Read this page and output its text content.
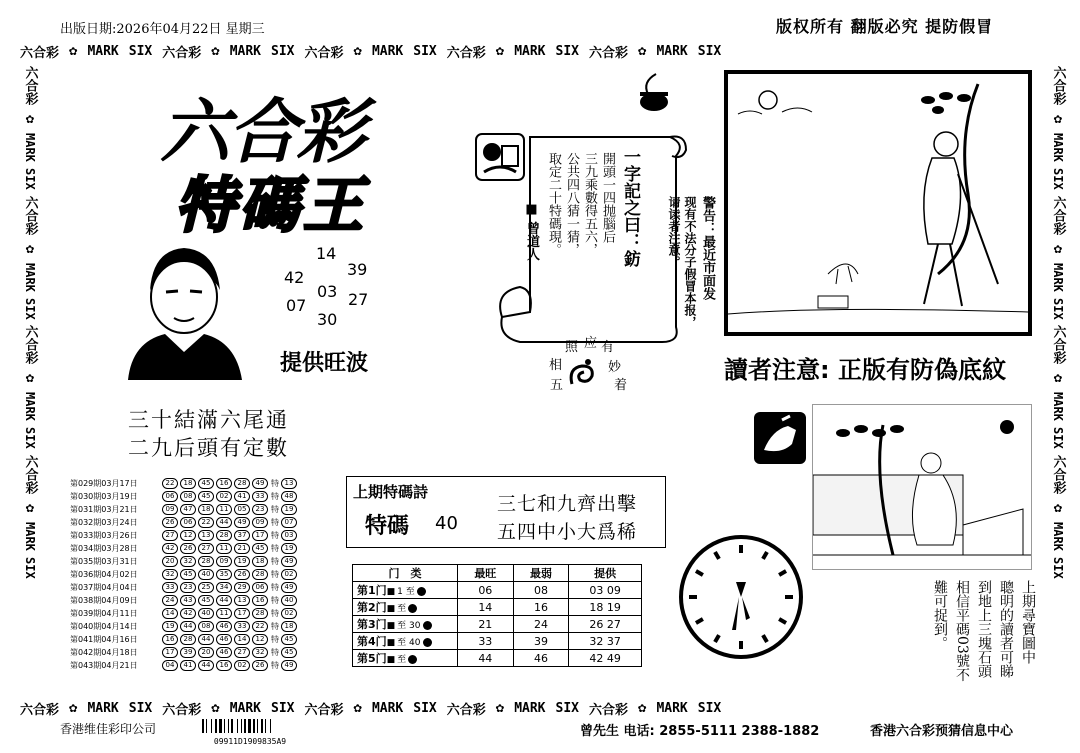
出版日期:2026年04月22日 星期三	版权所有 翻版必究 提防假冒
六合彩 ✿ MARK SIX 六合彩 ✿ MARK SIX 六合彩 ✿ MARK SIX 六合彩 ✿ MARK SIX 六合彩 ✿ MARK SIX
六合彩 ✿ MARK SIX 六合彩 ✿ MARK SIX 六合彩 ✿ MARK SIX 六合彩 ✿ MARK SIX 六合彩 ✿ MARK SIX
六合彩
✿
MARK
SIX
六合彩
✿
MARK
SIX
六合彩
✿
MARK
SIX
六合彩
✿
MARK
SIX
六合彩
✿
MARK
SIX
六合彩
✿
MARK
SIX
六合彩
✿
MARK
SIX
六合彩
✿
MARK
SIX
六合彩
特碼王
14
39
42
03 27
07
30
提供旺波
三十結滿六尾通
二九后頭有定數
一字記之曰：鈁
開頭一四抛腦后
三九乘數得五六，
公共四八猜一猜，
取定二十特碼現。
■ 曾道人	警告：最近市面发
现有不法分子假冒本报，
请读者注意。
照 应 有
相
五
妙
着
讀者注意: 正版有防偽底紋
上期特碼詩
特碼 40
三七和九齊出擊
五四中小大爲稀
第029期03月17日	22	18	45	16	28	49 特 13
第030期03月19日	06	08	45	02	41	33 特 48
第031期03月21日	09	47	18	11	05	23 特 19
第032期03月24日	26	06	22	44	49	09 特 07
第033期03月26日	27	12	13	28	37	17 特 03
第034期03月28日	42	26	27	11	21	45 特 19
第035期03月31日	20	32	28	09	19	18 特 49
第036期04月02日	32	45	40	35	26	28 特 02
第037期04月04日	33	23	25	34	29	06 特 49
第038期04月09日	24	43	45	44	13	16 特 40
第039期04月11日	14	42	40	11	17	28 特 02
第040期04月14日	19	44	08	46	33	22 特 18
第041期04月16日	16	28	44	46	14	12 特 45
第042期04月18日	17	39	20	46	27	32 特 45
第043期04月21日	04	41	44	16	02	26 特 49
门　类	最旺	最弱	提供
第1门■ 1 至	06	08	03 09
第2门■ 至	14	16	18 19
第3门■ 至 30	21	24	26 27
第4门■ 至 40	33	39	32 37
第5门■ 至	44	46	42 49	上期尋寶圖中
聰明的讀者可睇
到地上三塊石頭
相信平碼03號不
難可捉到。
香港维佳彩印公司
09911D1909835A9
曾先生 电话: 2855-5111 2388-1882	香港六合彩预猜信息中心
